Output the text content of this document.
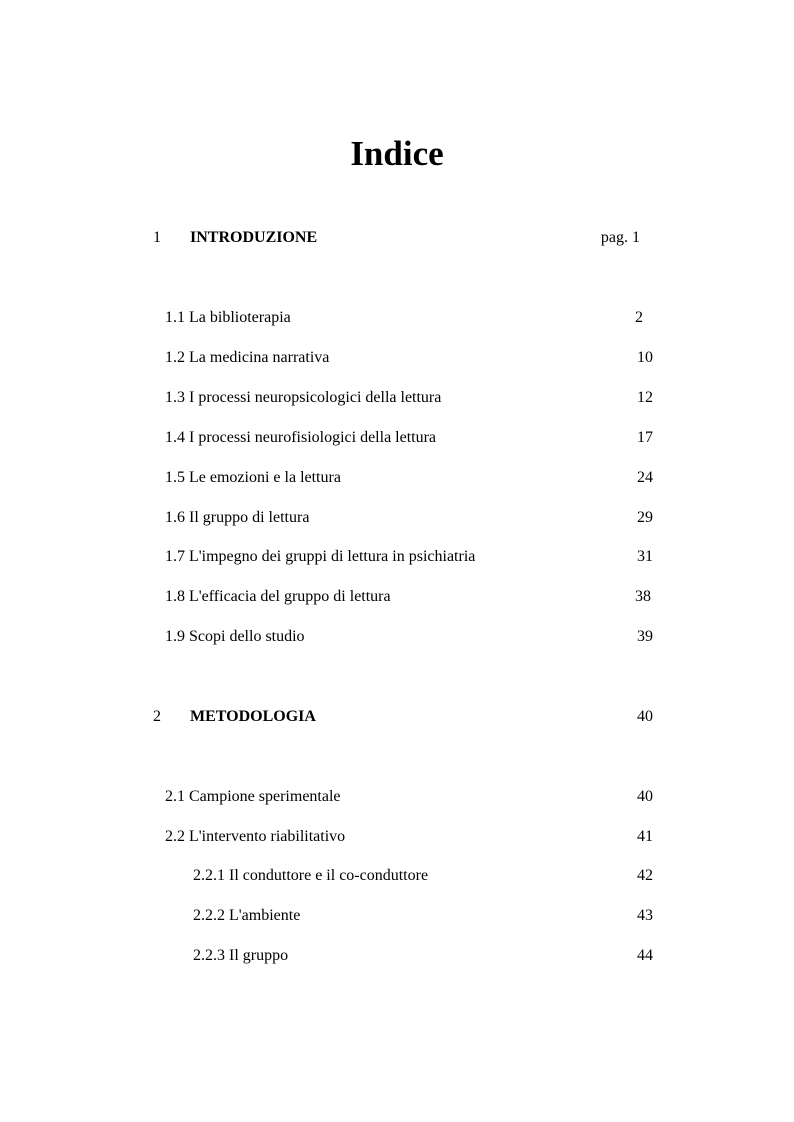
Indice
1 INTRODUZIONE	pag. 1
1.1 La biblioterapia	2
1.2 La medicina narrativa	10
1.3 I processi neuropsicologici della lettura	12
1.4 I processi neurofisiologici della lettura	17
1.5 Le emozioni e la lettura	24
1.6 Il gruppo di lettura	29
1.7 L'impegno dei gruppi di lettura in psichiatria	31
1.8 L'efficacia del gruppo di lettura	38
1.9 Scopi dello studio	39
2 METODOLOGIA	40
2.1 Campione sperimentale	40
2.2 L'intervento riabilitativo	41
2.2.1 Il conduttore e il co-conduttore	42
2.2.2 L'ambiente	43
2.2.3 Il gruppo	44
